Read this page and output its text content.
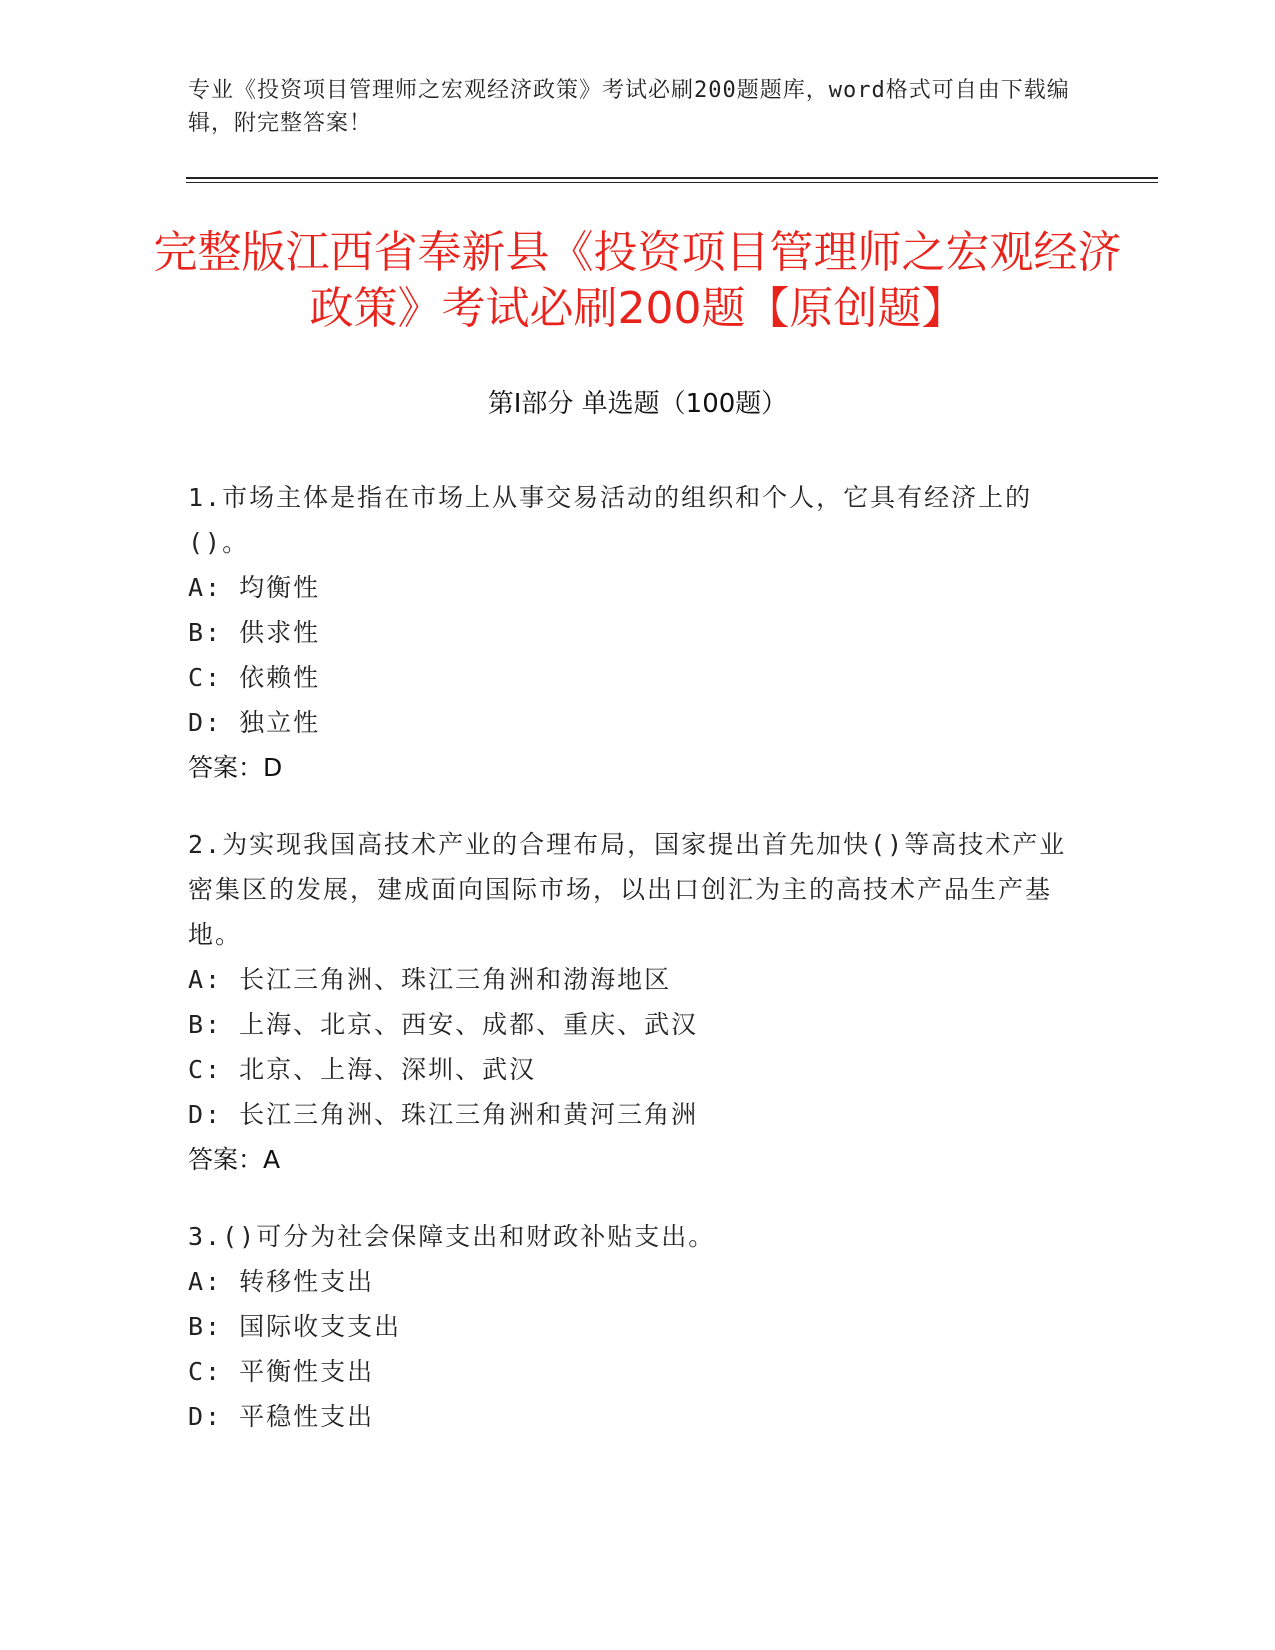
专业《投资项目管理师之宏观经济政策》考试必刷200题题库，word格式可自由下载编辑，附完整答案！
完整版江西省奉新县《投资项目管理师之宏观经济政策》考试必刷200题【原创题】
第Ⅰ部分 单选题（100题）

1.市场主体是指在市场上从事交易活动的组织和个人，它具有经济上的()。

A: 均衡性

B: 供求性

C: 依赖性

D: 独立性

答案：D

2.为实现我国高技术产业的合理布局，国家提出首先加快()等高技术产业密集区的发展，建成面向国际市场，以出口创汇为主的高技术产品生产基地。

A: 长江三角洲、珠江三角洲和渤海地区

B: 上海、北京、西安、成都、重庆、武汉

C: 北京、上海、深圳、武汉

D: 长江三角洲、珠江三角洲和黄河三角洲

答案：A

3.()可分为社会保障支出和财政补贴支出。

A: 转移性支出

B: 国际收支支出

C: 平衡性支出

D: 平稳性支出
